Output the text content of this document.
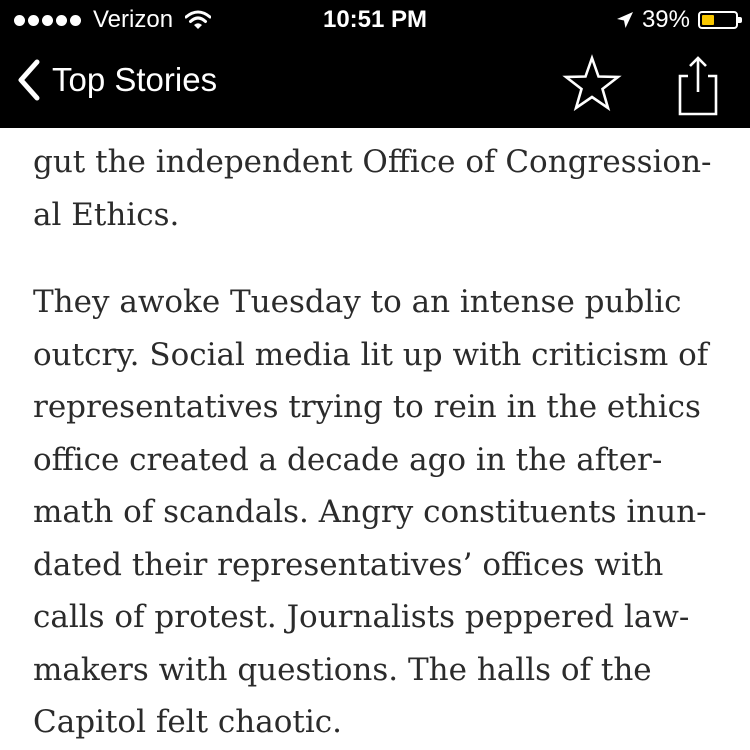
Verizon	10:51 PM	39%
Top Stories

gut the independent Office of Congression-
al Ethics.

They awoke Tuesday to an intense public
outcry. Social media lit up with criticism of
representatives trying to rein in the ethics
office created a decade ago in the after-
math of scandals. Angry constituents inun-
dated their representatives’ offices with
calls of protest. Journalists peppered law-
makers with questions. The halls of the
Capitol felt chaotic.
